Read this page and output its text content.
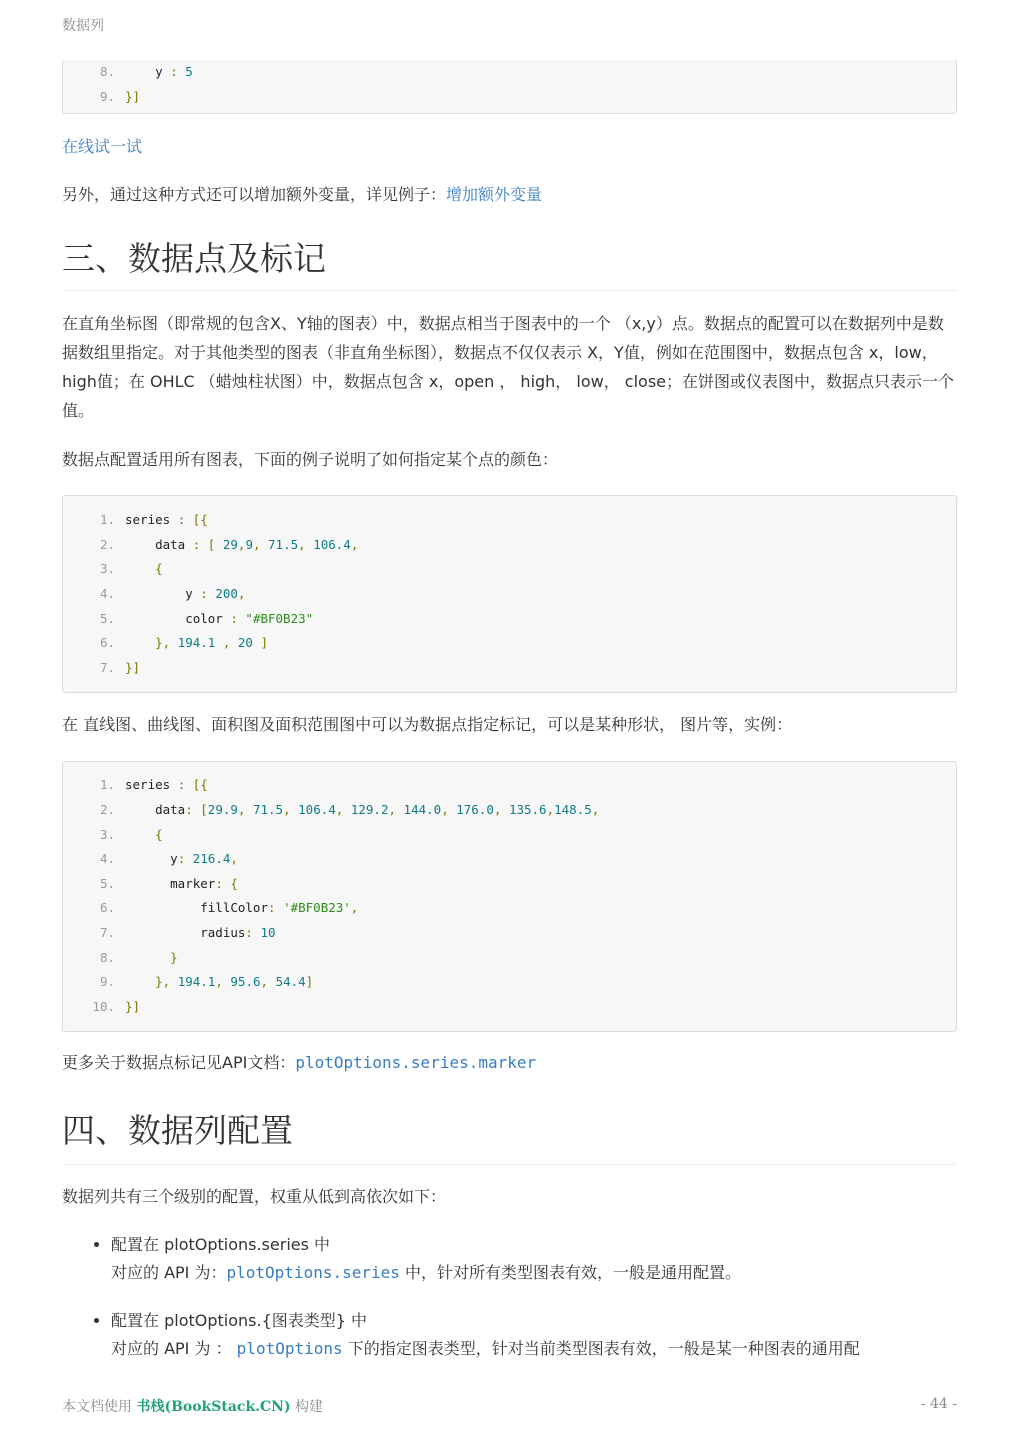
数据列
8.    y : 5
9. }]

在线试一试

另外，通过这种方式还可以增加额外变量，详见例子：增加额外变量

三、数据点及标记

在直角坐标图（即常规的包含X、Y轴的图表）中，数据点相当于图表中的一个 （x,y）点。数据点的配置可以在数据列中是数据数组里指定。对于其他类型的图表（非直角坐标图），数据点不仅仅表示 X，Y值，例如在范围图中，数据点包含 x，low， high值；在 OHLC （蜡烛柱状图）中，数据点包含 x，open ， high， low， close；在饼图或仪表图中，数据点只表示一个值。

数据点配置适用所有图表，下面的例子说明了如何指定某个点的颜色：

1. series : [{
2.    data : [ 29,9, 71.5, 106.4,
3.    {
4.        y : 200,
5.        color : "#BF0B23"
6.    }, 194.1 , 20 ]
7. }]

在 直线图、曲线图、面积图及面积范围图中可以为数据点指定标记，可以是某种形状， 图片等，实例：

1. series : [{
2.    data: [29.9, 71.5, 106.4, 129.2, 144.0, 176.0, 135.6,148.5,
3.    {
4.      y: 216.4,
5.      marker: {
6.          fillColor: '#BF0B23',
7.          radius: 10
8.      }
9.    }, 194.1, 95.6, 54.4]
10. }]

更多关于数据点标记见API文档：plotOptions.series.marker

四、数据列配置

数据列共有三个级别的配置，权重从低到高依次如下：

• 配置在 plotOptions.series 中
对应的 API 为：plotOptions.series 中，针对所有类型图表有效，一般是通用配置。
• 配置在 plotOptions.{图表类型} 中
对应的 API 为 ： plotOptions 下的指定图表类型，针对当前类型图表有效，一般是某一种图表的通用配
本文档使用 书栈(BookStack.CN) 构建	- 44 -
